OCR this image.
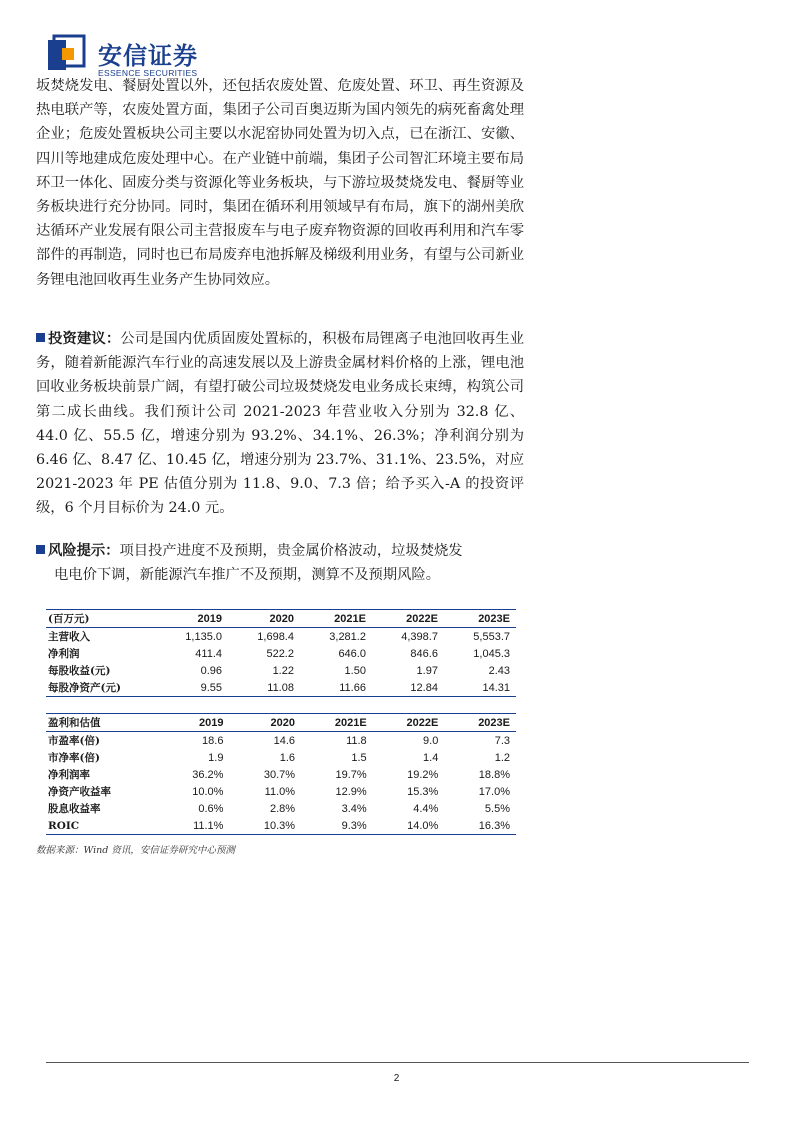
安信证券
ESSENCE SECURITIES

坂焚烧发电、餐厨处置以外，还包括农废处置、危废处置、环卫、再生资源及热电联产等，农废处置方面，集团子公司百奥迈斯为国内领先的病死畜禽处理企业；危废处置板块公司主要以水泥窑协同处置为切入点，已在浙江、安徽、四川等地建成危废处理中心。在产业链中前端，集团子公司智汇环境主要布局环卫一体化、固废分类与资源化等业务板块，与下游垃圾焚烧发电、餐厨等业务板块进行充分协同。同时，集团在循环利用领域早有布局，旗下的湖州美欣达循环产业发展有限公司主营报废车与电子废弃物资源的回收再利用和汽车零部件的再制造，同时也已布局废弃电池拆解及梯级利用业务，有望与公司新业务锂电池回收再生业务产生协同效应。

投资建议：公司是国内优质固废处置标的，积极布局锂离子电池回收再生业务，随着新能源汽车行业的高速发展以及上游贵金属材料价格的上涨，锂电池回收业务板块前景广阔，有望打破公司垃圾焚烧发电业务成长束缚，构筑公司第二成长曲线。我们预计公司 2021-2023 年营业收入分别为 32.8 亿、44.0 亿、55.5 亿，增速分别为 93.2%、34.1%、26.3%；净利润分别为 6.46 亿、8.47 亿、10.45 亿，增速分别为 23.7%、31.1%、23.5%，对应 2021-2023 年 PE 估值分别为 11.8、9.0、7.3 倍；给予买入-A 的投资评级，6 个月目标价为 24.0 元。

风险提示：项目投产进度不及预期，贵金属价格波动，垃圾焚烧发

电电价下调，新能源汽车推广不及预期，测算不及预期风险。

(百万元)	2019	2020	2021E	2022E	2023E
主营收入	1,135.0	1,698.4	3,281.2	4,398.7	5,553.7
净利润	411.4	522.2	646.0	846.6	1,045.3
每股收益(元)	0.96	1.22	1.50	1.97	2.43
每股净资产(元)	9.55	11.08	11.66	12.84	14.31
盈利和估值	2019	2020	2021E	2022E	2023E
市盈率(倍)	18.6	14.6	11.8	9.0	7.3
市净率(倍)	1.9	1.6	1.5	1.4	1.2
净利润率	36.2%	30.7%	19.7%	19.2%	18.8%
净资产收益率	10.0%	11.0%	12.9%	15.3%	17.0%
股息收益率	0.6%	2.8%	3.4%	4.4%	5.5%
ROIC	11.1%	10.3%	9.3%	14.0%	16.3%
数据来源：Wind 资讯，安信证券研究中心预测
2
